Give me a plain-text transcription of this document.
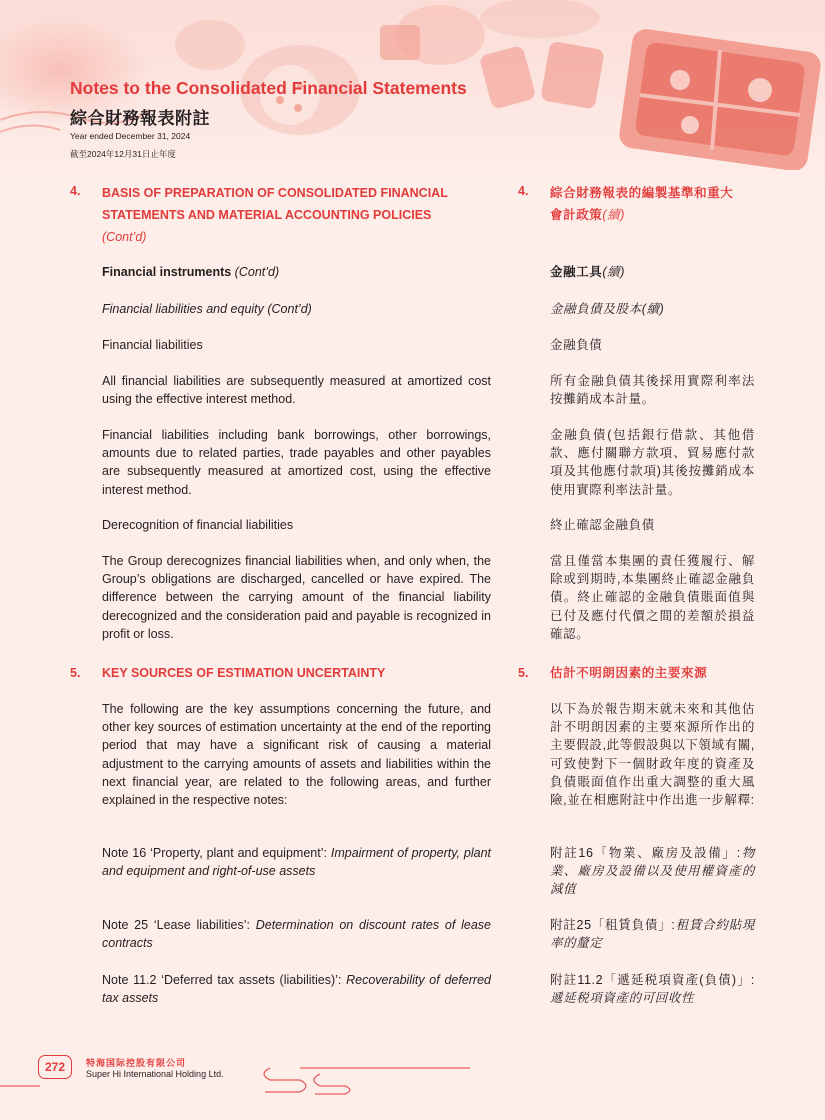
Notes to the Consolidated Financial Statements
綜合財務報表附註
Year ended December 31, 2024
截至2024年12月31日止年度
4. BASIS OF PREPARATION OF CONSOLIDATED FINANCIAL
STATEMENTS AND MATERIAL ACCOUNTING POLICIES
(Cont’d)
4. 綜合財務報表的編製基準和重大
會計政策(續)
Financial instruments (Cont’d)	金融工具(續)
Financial liabilities and equity (Cont’d)	金融負債及股本(續)
Financial liabilities	金融負債
All financial liabilities are subsequently measured at amortized cost using the effective interest method.
所有金融負債其後採用實際利率法按攤銷成本計量。
Financial liabilities including bank borrowings, other borrowings, amounts due to related parties, trade payables and other payables are subsequently measured at amortized cost, using the effective interest method.
金融負債(包括銀行借款、其他借款、應付關聯方款項、貿易應付款項及其他應付款項)其後按攤銷成本使用實際利率法計量。
Derecognition of financial liabilities	終止確認金融負債
The Group derecognizes financial liabilities when, and only when, the Group’s obligations are discharged, cancelled or have expired. The difference between the carrying amount of the financial liability derecognized and the consideration paid and payable is recognized in profit or loss.
當且僅當本集團的責任獲履行、解除或到期時,本集團終止確認金融負債。終止確認的金融負債賬面值與已付及應付代價之間的差額於損益確認。
5. KEY SOURCES OF ESTIMATION UNCERTAINTY	5. 估計不明朗因素的主要來源
The following are the key assumptions concerning the future, and other key sources of estimation uncertainty at the end of the reporting period that may have a significant risk of causing a material adjustment to the carrying amounts of assets and liabilities within the next financial year, are related to the following areas, and further explained in the respective notes:
以下為於報告期末就未來和其他估計不明朗因素的主要來源所作出的主要假設,此等假設與以下領域有關,可致使對下一個財政年度的資產及負債賬面值作出重大調整的重大風險,並在相應附註中作出進一步解釋:
Note 16 ‘Property, plant and equipment’: Impairment of property, plant and equipment and right-of-use assets
附註16「物業、廠房及設備」:物業、廠房及設備以及使用權資產的減值
Note 25 ‘Lease liabilities’: Determination on discount rates of lease contracts
附註25「租賃負債」:租賃合約貼現率的釐定
Note 11.2 ‘Deferred tax assets (liabilities)’: Recoverability of deferred tax assets
附註11.2「遞延税項資產(負債)」:遞延税項資產的可回收性
272	特海国际控股有限公司
Super Hi International Holding Ltd.
